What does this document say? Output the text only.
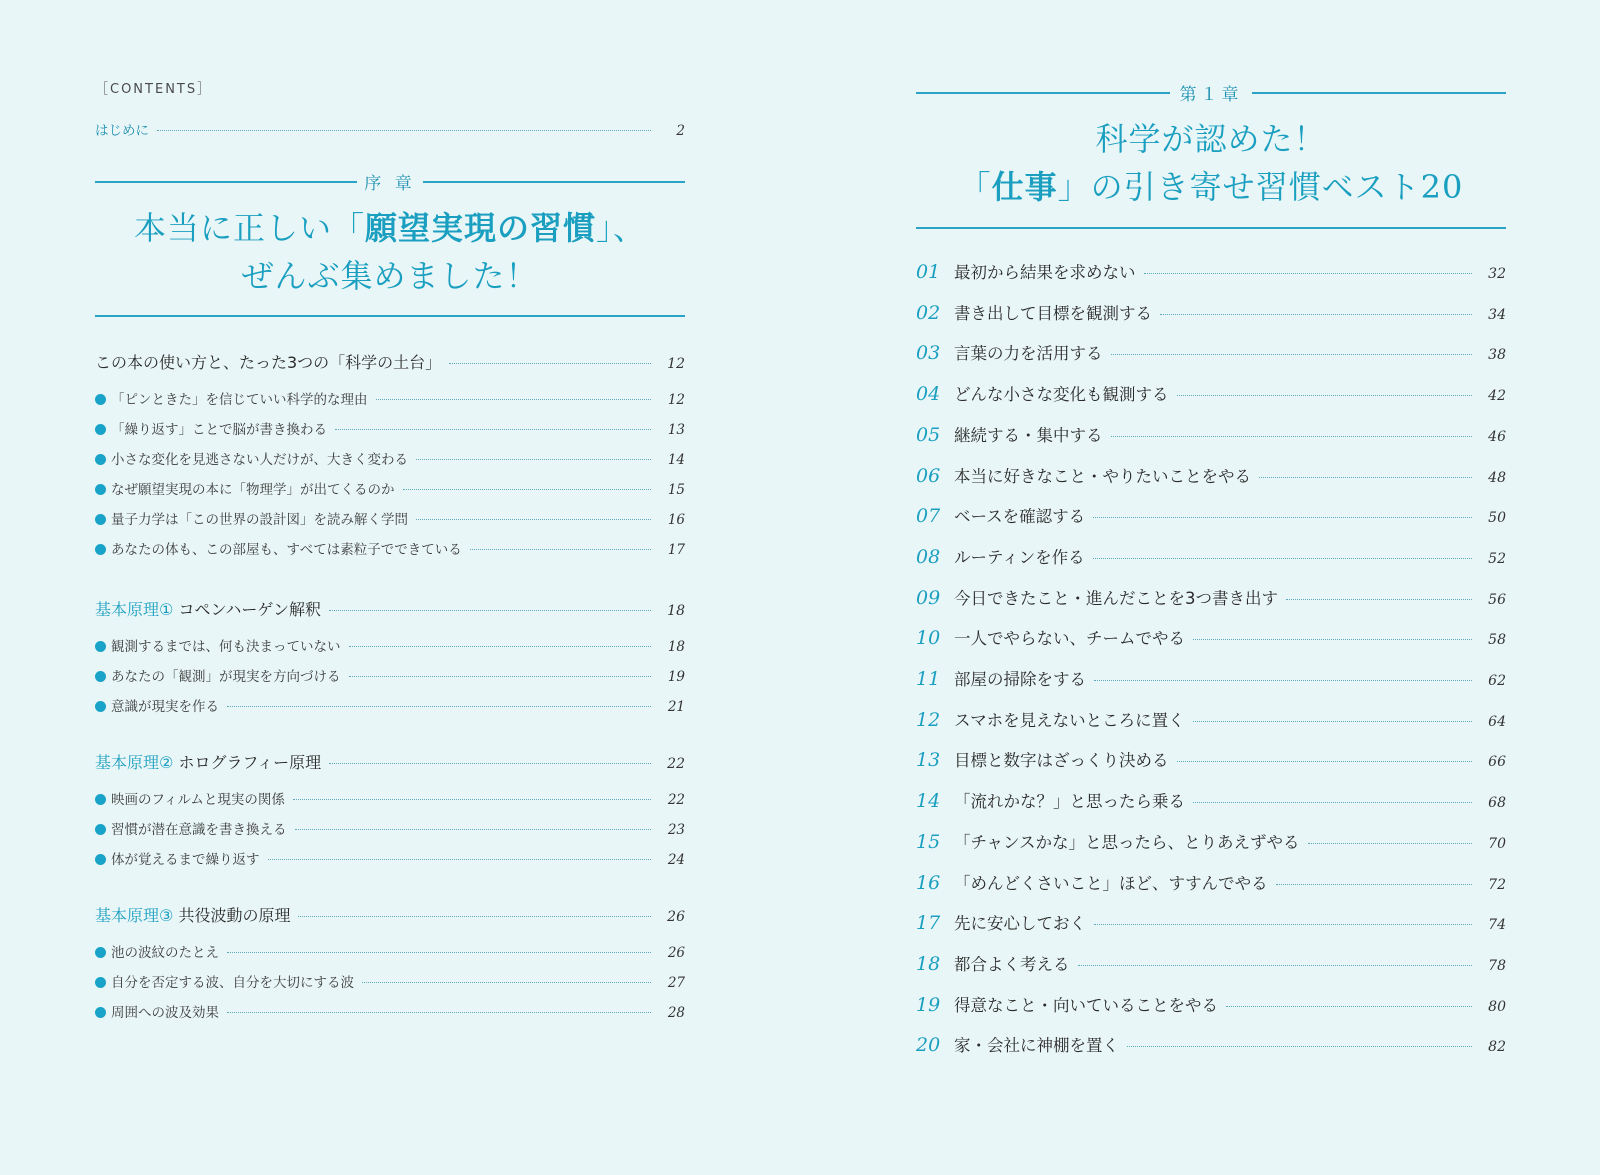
［CONTENTS］
はじめに	2
序 章
本当に正しい「願望実現の習慣」、
ぜんぶ集めました！
この本の使い方と、たった3つの「科学の土台」	12
「ピンときた」を信じていい科学的な理由	12
「繰り返す」ことで脳が書き換わる	13
小さな変化を見逃さない人だけが、大きく変わる	14
なぜ願望実現の本に「物理学」が出てくるのか	15
量子力学は「この世界の設計図」を読み解く学問	16
あなたの体も、この部屋も、すべては素粒子でできている	17
基本原理① コペンハーゲン解釈	18
観測するまでは、何も決まっていない	18
あなたの「観測」が現実を方向づける	19
意識が現実を作る	21
基本原理② ホログラフィー原理	22
映画のフィルムと現実の関係	22
習慣が潜在意識を書き換える	23
体が覚えるまで繰り返す	24
基本原理③ 共役波動の原理	26
池の波紋のたとえ	26
自分を否定する波、自分を大切にする波	27
周囲への波及効果	28
第１章
科学が認めた！
「仕事」の引き寄せ習慣ベスト20
01 最初から結果を求めない	32
02 書き出して目標を観測する	34
03 言葉の力を活用する	38
04 どんな小さな変化も観測する	42
05 継続する・集中する	46
06 本当に好きなこと・やりたいことをやる	48
07 ベースを確認する	50
08 ルーティンを作る	52
09 今日できたこと・進んだことを3つ書き出す	56
10 一人でやらない、チームでやる	58
11 部屋の掃除をする	62
12 スマホを見えないところに置く	64
13 目標と数字はざっくり決める	66
14 「流れかな？」と思ったら乗る	68
15 「チャンスかな」と思ったら、とりあえずやる	70
16 「めんどくさいこと」ほど、すすんでやる	72
17 先に安心しておく	74
18 都合よく考える	78
19 得意なこと・向いていることをやる	80
20 家・会社に神棚を置く	82
